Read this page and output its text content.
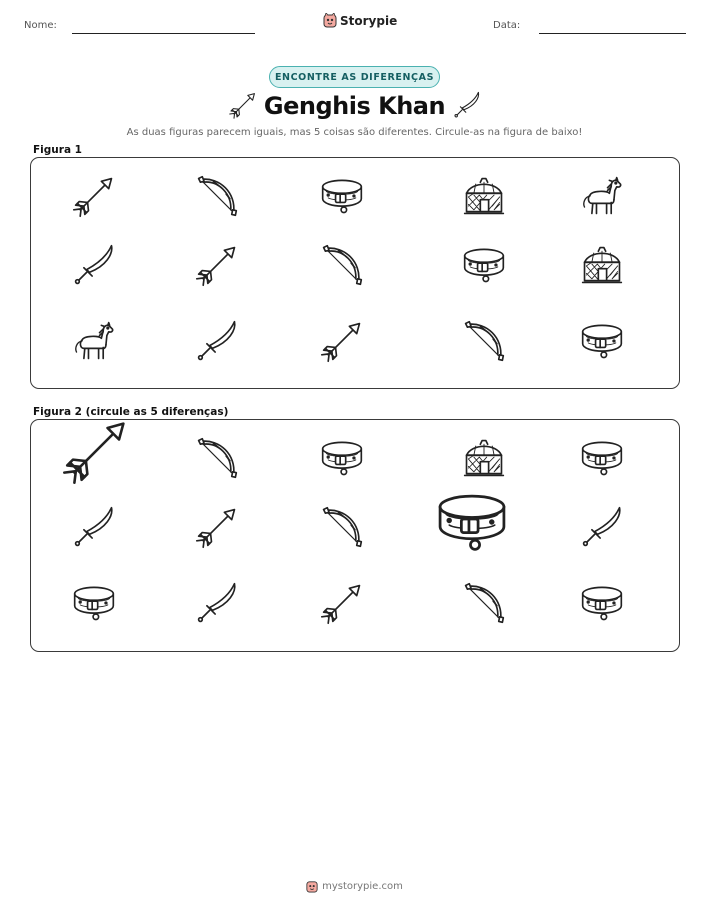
Nome:	Data:
Storypie
ENCONTRE AS DIFERENÇAS
Genghis Khan
As duas figuras parecem iguais, mas 5 coisas são diferentes. Circule-as na figura de baixo!
Figura 1
Figura 2 (circule as 5 diferenças)
mystorypie.com
